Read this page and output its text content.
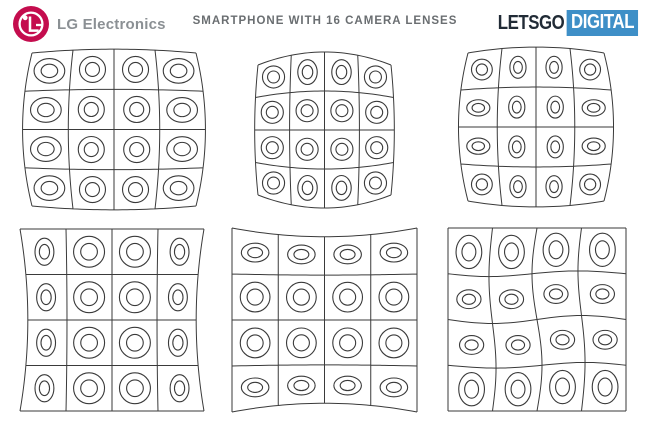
LG Electronics	SMARTPHONE WITH 16 CAMERA LENSES	LETSGO DIGITAL
